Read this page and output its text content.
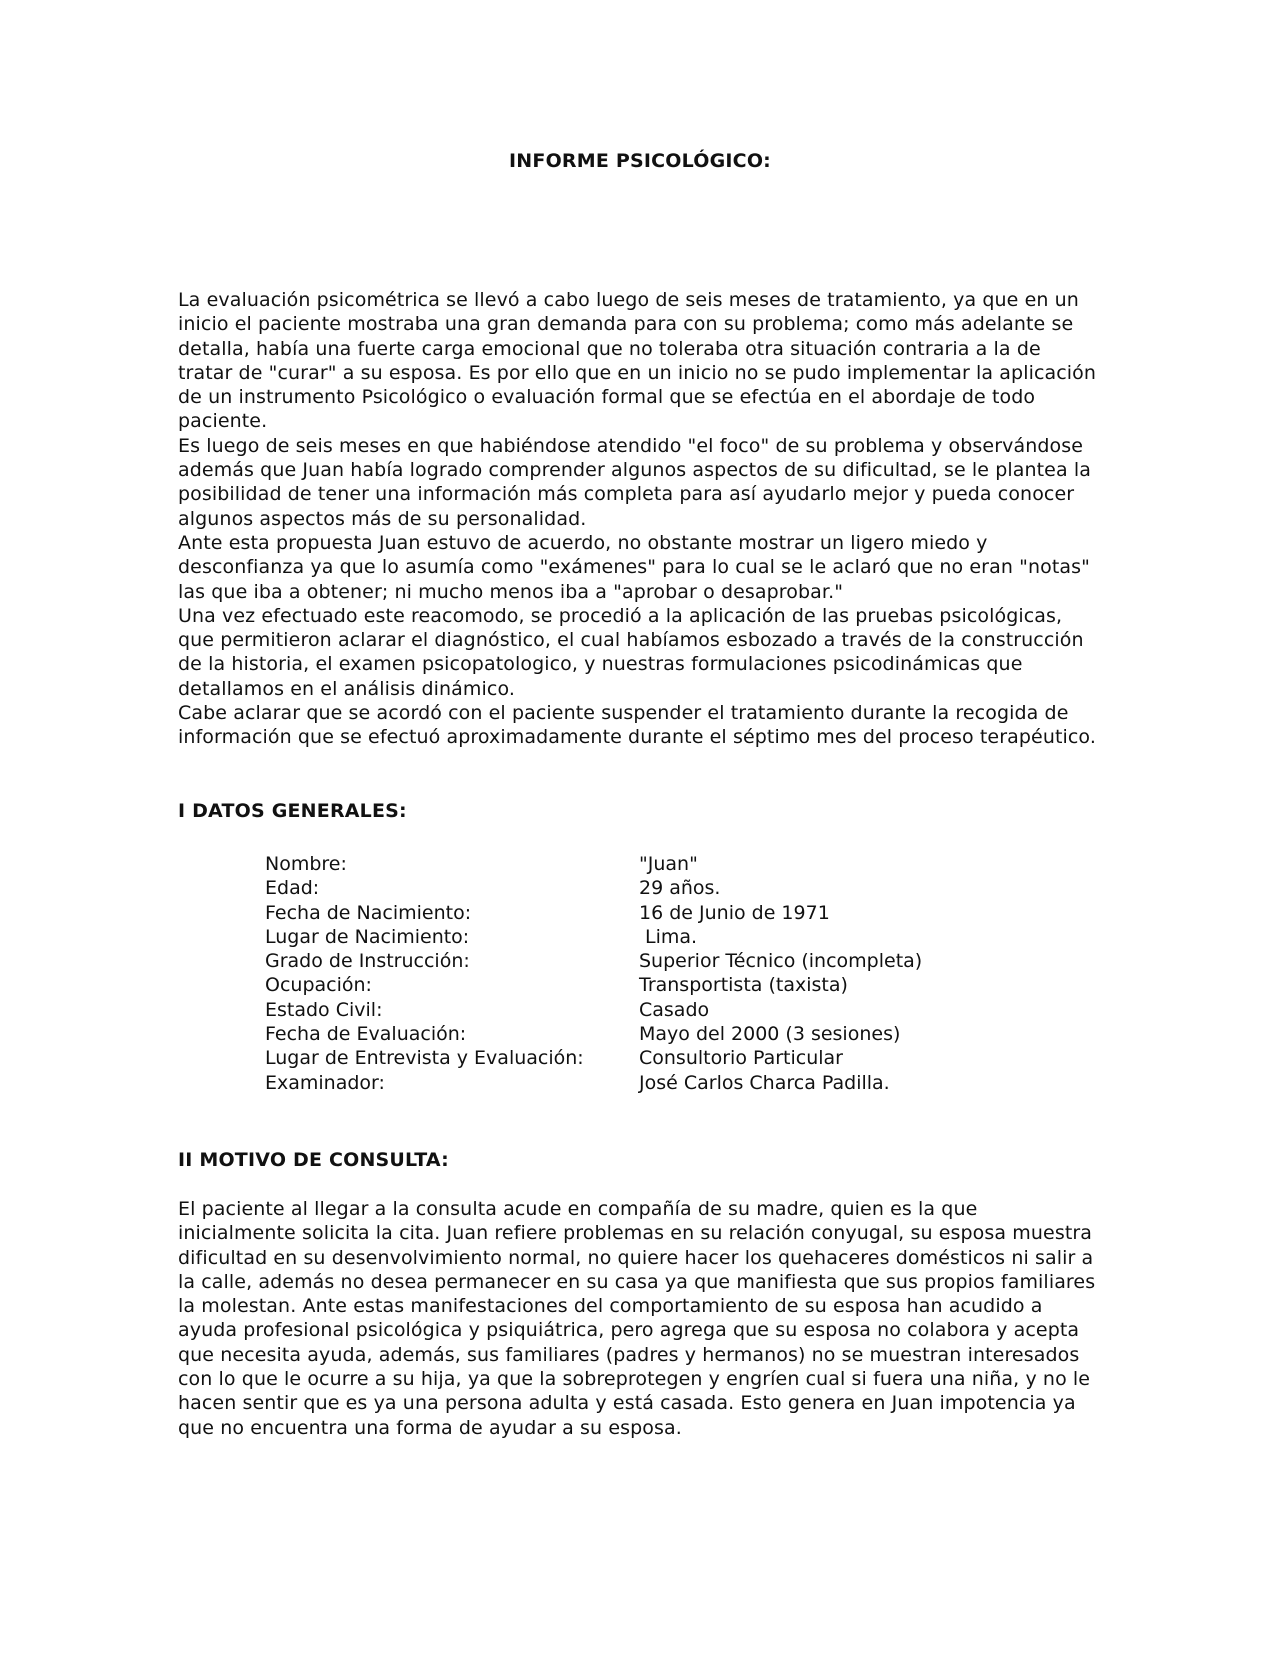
INFORME PSICOLÓGICO:

La evaluación psicométrica se llevó a cabo luego de seis meses de tratamiento, ya que en un inicio el paciente mostraba una gran demanda para con su problema; como más adelante se detalla, había una fuerte carga emocional que no toleraba otra situación contraria a la de tratar de "curar" a su esposa. Es por ello que en un inicio no se pudo implementar la aplicación de un instrumento Psicológico o evaluación formal que se efectúa en el abordaje de todo paciente.

Es luego de seis meses en que habiéndose atendido "el foco" de su problema y observándose además que Juan había logrado comprender algunos aspectos de su dificultad, se le plantea la posibilidad de tener una información más completa para así ayudarlo mejor y pueda conocer algunos aspectos más de su personalidad.

Ante esta propuesta Juan estuvo de acuerdo, no obstante mostrar un ligero miedo y desconfianza ya que lo asumía como "exámenes" para lo cual se le aclaró que no eran "notas" las que iba a obtener; ni mucho menos iba a "aprobar o desaprobar."

Una vez efectuado este reacomodo, se procedió a la aplicación de las pruebas psicológicas, que permitieron aclarar el diagnóstico, el cual habíamos esbozado a través de la construcción de la historia, el examen psicopatologico, y nuestras formulaciones psicodinámicas que detallamos en el análisis dinámico.

Cabe aclarar que se acordó con el paciente suspender el tratamiento durante la recogida de información que se efectuó aproximadamente durante el séptimo mes del proceso terapéutico.

I DATOS GENERALES:
Nombre:	"Juan"
Edad:	29 años.
Fecha de Nacimiento:	16 de Junio de 1971
Lugar de Nacimiento:	Lima.
Grado de Instrucción:	Superior Técnico (incompleta)
Ocupación:	Transportista (taxista)
Estado Civil:	Casado
Fecha de Evaluación:	Mayo del 2000 (3 sesiones)
Lugar de Entrevista y Evaluación:	Consultorio Particular
Examinador:	José Carlos Charca Padilla.
II MOTIVO DE CONSULTA:

El paciente al llegar a la consulta acude en compañía de su madre, quien es la que inicialmente solicita la cita. Juan refiere problemas en su relación conyugal, su esposa muestra dificultad en su desenvolvimiento normal, no quiere hacer los quehaceres domésticos ni salir a la calle, además no desea permanecer en su casa ya que manifiesta que sus propios familiares la molestan. Ante estas manifestaciones del comportamiento de su esposa han acudido a ayuda profesional psicológica y psiquiátrica, pero agrega que su esposa no colabora y acepta que necesita ayuda, además, sus familiares (padres y hermanos) no se muestran interesados con lo que le ocurre a su hija, ya que la sobreprotegen y engríen cual si fuera una niña, y no le hacen sentir que es ya una persona adulta y está casada. Esto genera en Juan impotencia ya que no encuentra una forma de ayudar a su esposa.
